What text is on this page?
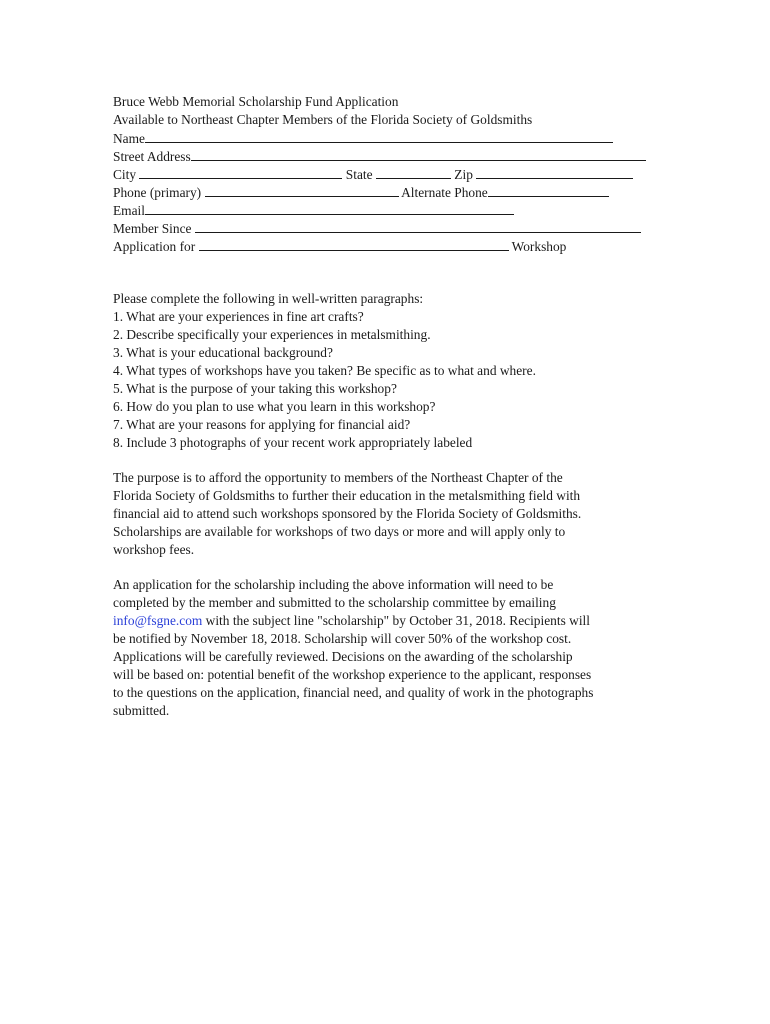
Bruce Webb Memorial Scholarship Fund Application
Available to Northeast Chapter Members of the Florida Society of Goldsmiths
Name
Street Address
City	State	Zip
Phone (primary)	Alternate Phone
Email
Member Since
Application for	Workshop
Please complete the following in well-written paragraphs:
1. What are your experiences in fine art crafts?
2. Describe specifically your experiences in metalsmithing.
3. What is your educational background?
4. What types of workshops have you taken? Be specific as to what and where.
5. What is the purpose of your taking this workshop?
6. How do you plan to use what you learn in this workshop?
7. What are your reasons for applying for financial aid?
8. Include 3 photographs of your recent work appropriately labeled
The purpose is to afford the opportunity to members of the Northeast Chapter of the
Florida Society of Goldsmiths to further their education in the metalsmithing field with
financial aid to attend such workshops sponsored by the Florida Society of Goldsmiths.
Scholarships are available for workshops of two days or more and will apply only to
workshop fees.
An application for the scholarship including the above information will need to be
completed by the member and submitted to the scholarship committee by emailing
info@fsgne.com with the subject line "scholarship" by October 31, 2018. Recipients will
be notified by November 18, 2018. Scholarship will cover 50% of the workshop cost.
Applications will be carefully reviewed. Decisions on the awarding of the scholarship
will be based on: potential benefit of the workshop experience to the applicant, responses
to the questions on the application, financial need, and quality of work in the photographs
submitted.
